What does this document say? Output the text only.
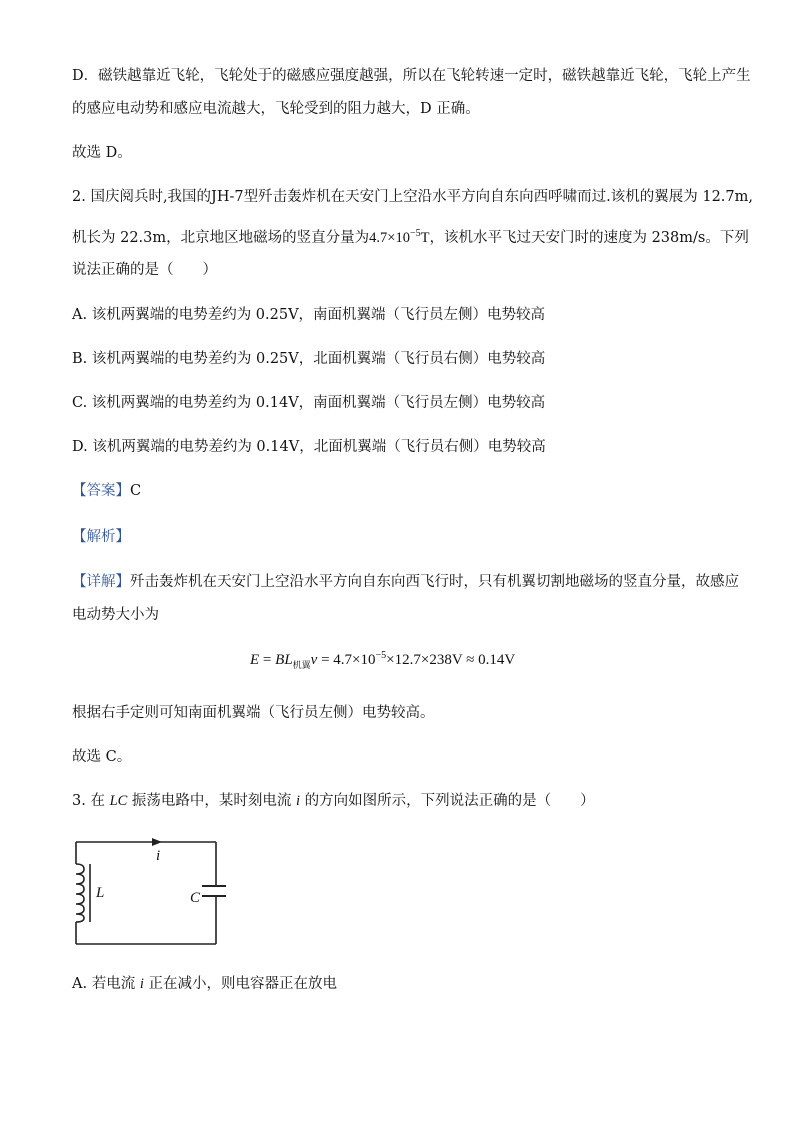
D．磁铁越靠近飞轮，飞轮处于的磁感应强度越强，所以在飞轮转速一定时，磁铁越靠近飞轮，飞轮上产生
的感应电动势和感应电流越大，飞轮受到的阻力越大，D 正确。
故选 D。
2. 国庆阅兵时,我国的JH-7型歼击轰炸机在天安门上空沿水平方向自东向西呼啸而过.该机的翼展为 12.7m,
机长为 22.3m，北京地区地磁场的竖直分量为$4.7\times 10^{-5}T$，该机水平飞过天安门时的速度为 238m/s。下列
说法正确的是（　　）
A. 该机两翼端的电势差约为 0.25V，南面机翼端（飞行员左侧）电势较高
B. 该机两翼端的电势差约为 0.25V，北面机翼端（飞行员右侧）电势较高
C. 该机两翼端的电势差约为 0.14V，南面机翼端（飞行员左侧）电势较高
D. 该机两翼端的电势差约为 0.14V，北面机翼端（飞行员右侧）电势较高
【答案】C
【解析】
【详解】歼击轰炸机在天安门上空沿水平方向自东向西飞行时，只有机翼切割地磁场的竖直分量，故感应
电动势大小为
$E = BL_{机翼}v = 4.7\times 10^{-5}\times 12.7\times 238V \approx 0.14V$
根据右手定则可知南面机翼端（飞行员左侧）电势较高。
故选 C。
3. 在 LC 振荡电路中，某时刻电流 i 的方向如图所示，下列说法正确的是（　　）
i
L	C
A. 若电流 i 正在减小，则电容器正在放电
